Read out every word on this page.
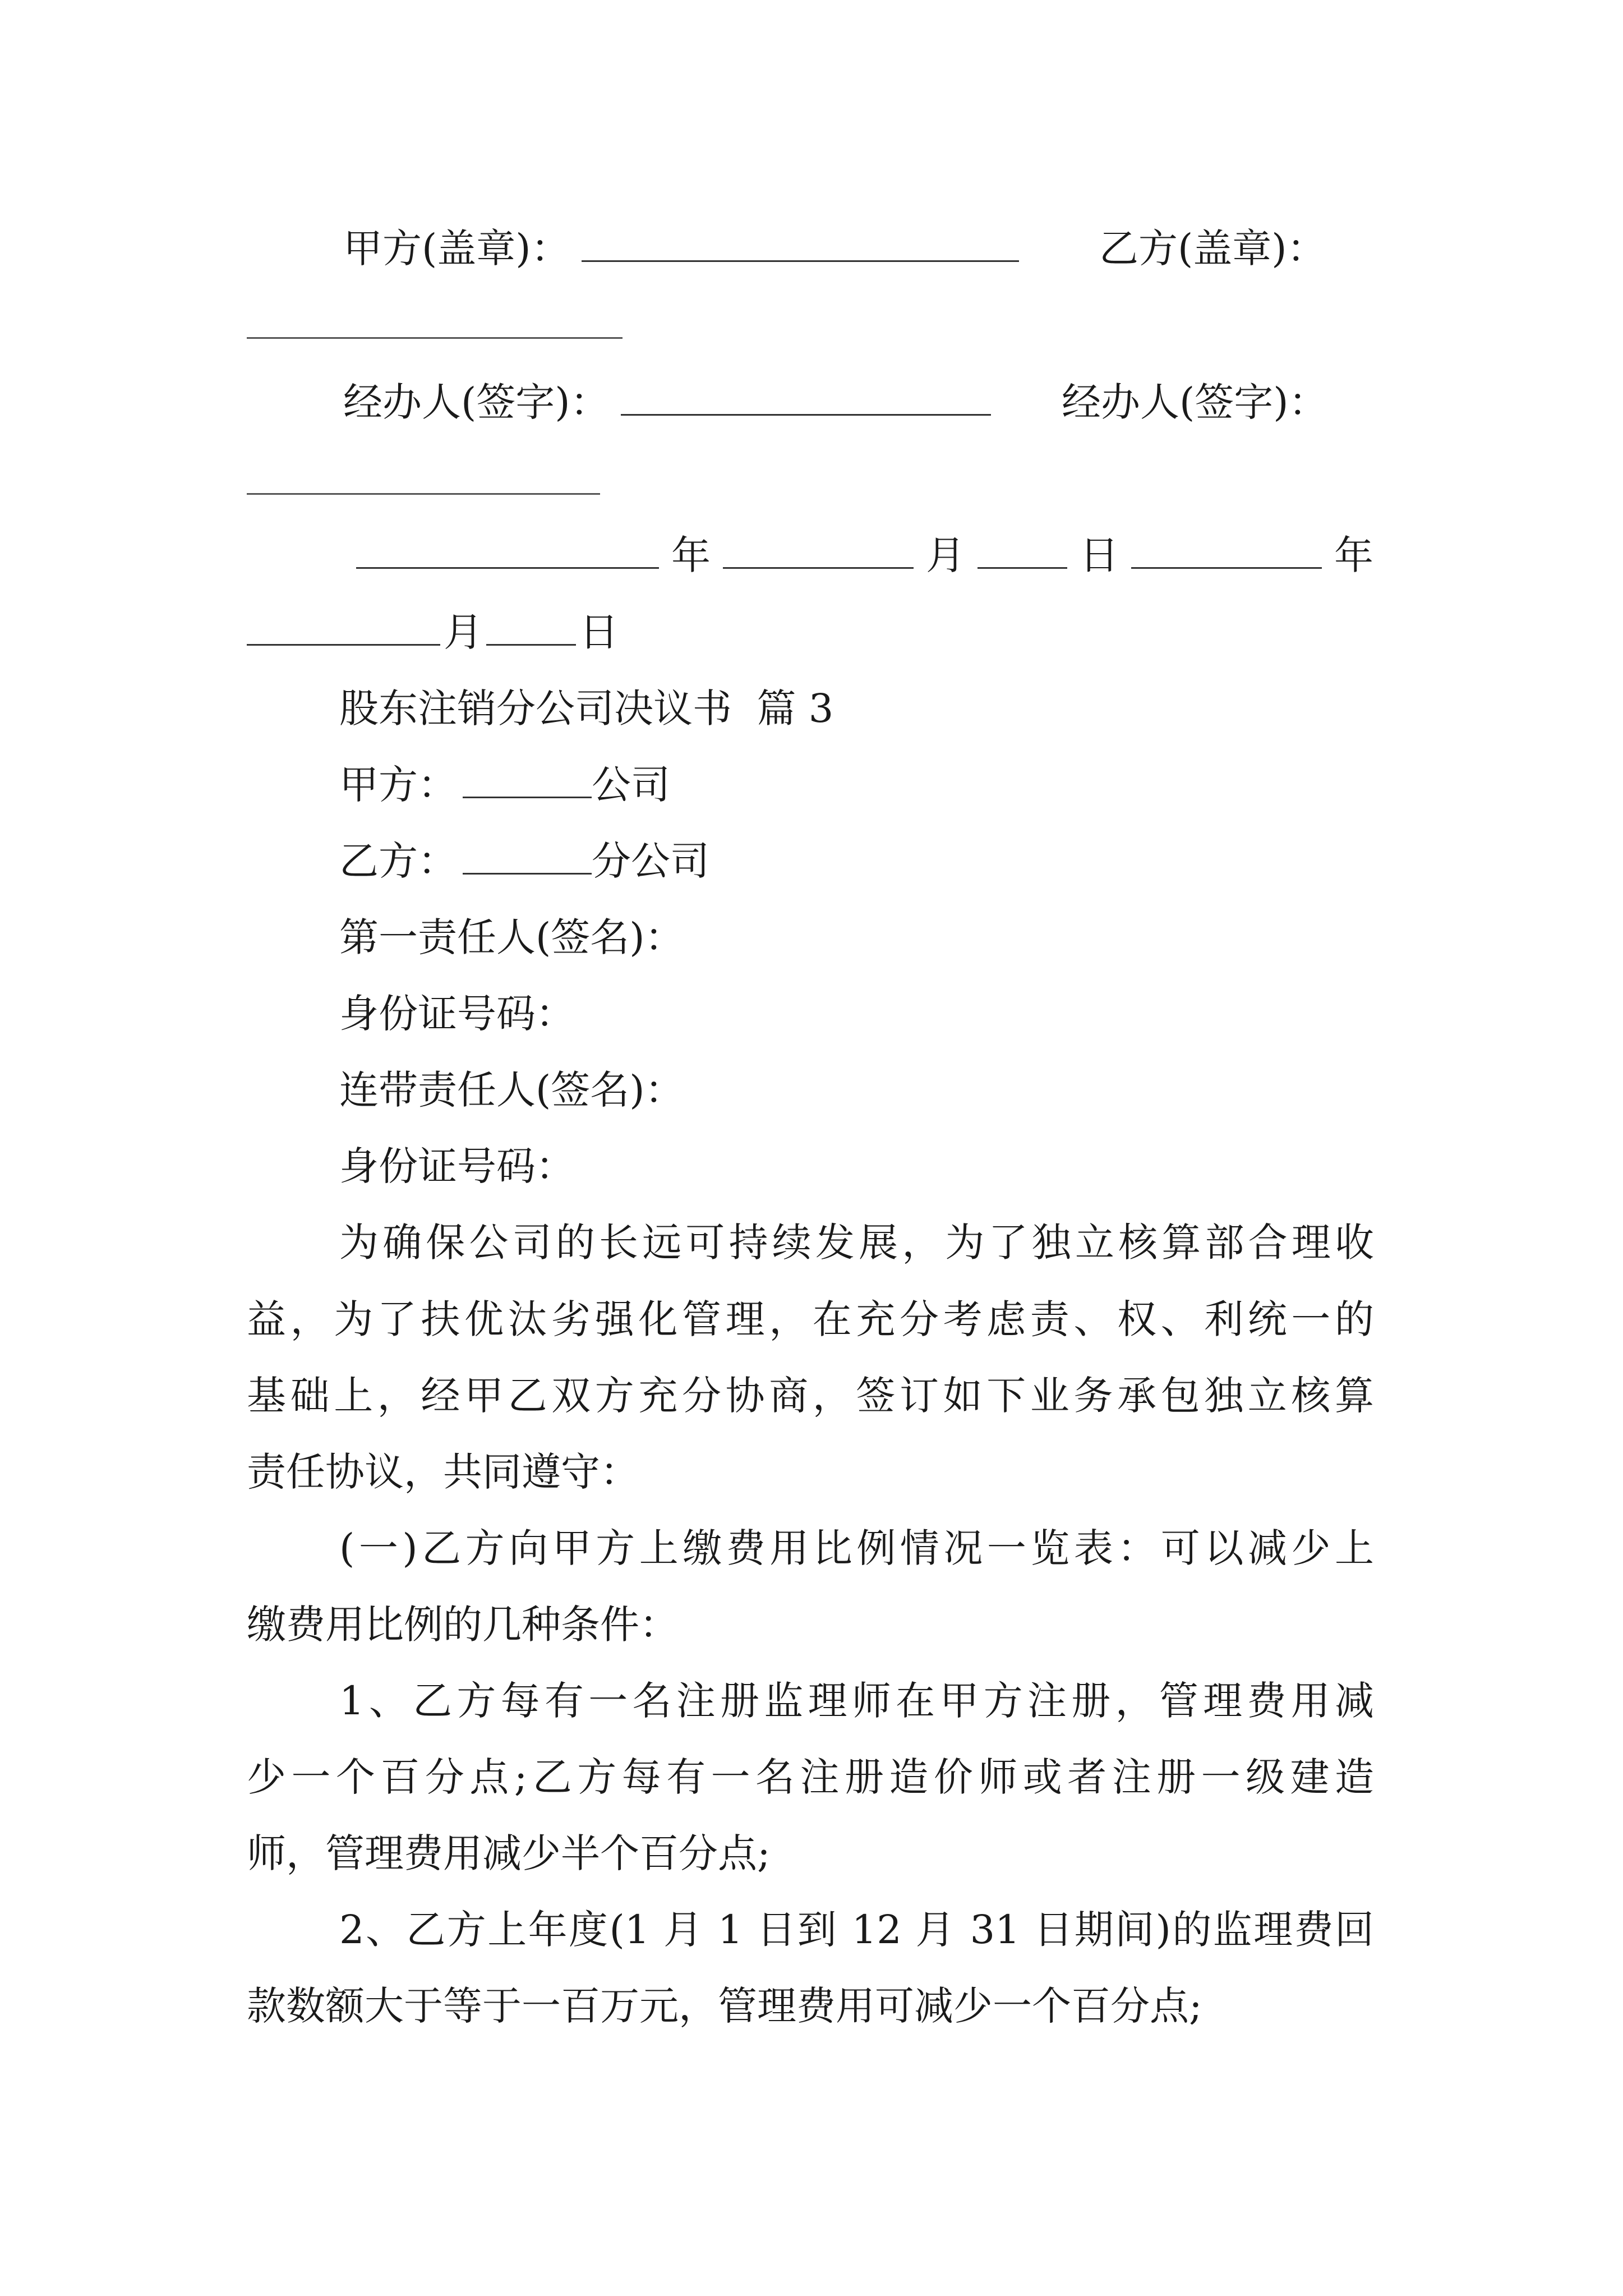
甲方(盖章)：	乙方(盖章)：
经办人(签字)：	经办人(签字)：
年	月	日	年
月 日
股东注销分公司决议书  篇 3
甲方：	公司
乙方：	分公司
第一责任人(签名)：
身份证号码：
连带责任人(签名)：
身份证号码：
为确保公司的长远可持续发展，为了独立核算部合理收
益，为了扶优汰劣强化管理，在充分考虑责、权、利统一的
基础上，经甲乙双方充分协商，签订如下业务承包独立核算
责任协议，共同遵守：
(一)乙方向甲方上缴费用比例情况一览表：可以减少上
缴费用比例的几种条件：
1、乙方每有一名注册监理师在甲方注册，管理费用减
少一个百分点;乙方每有一名注册造价师或者注册一级建造
师，管理费用减少半个百分点;
2、乙方上年度(1 月 1 日到 12 月 31 日期间)的监理费回
款数额大于等于一百万元，管理费用可减少一个百分点;
